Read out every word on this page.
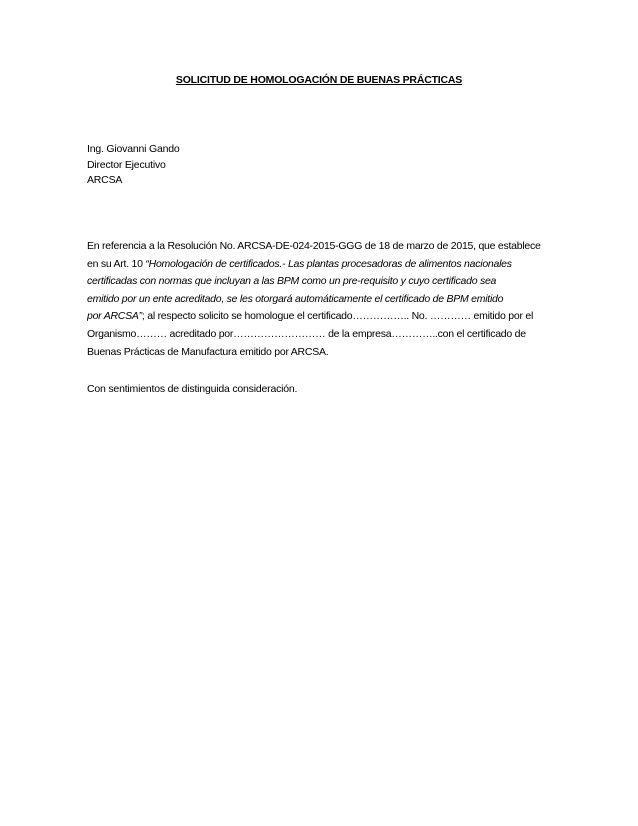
SOLICITUD DE HOMOLOGACIÓN DE BUENAS PRÁCTICAS
Ing. Giovanni Gando
Director Ejecutivo
ARCSA
En referencia a la Resolución No. ARCSA-DE-024-2015-GGG de 18 de marzo de 2015, que establece
en su Art. 10 “Homologación de certificados.- Las plantas procesadoras de alimentos nacionales
certificadas con normas que incluyan a las BPM como un pre-requisito y cuyo certificado sea
emitido por un ente acreditado, se les otorgará automáticamente el certificado de BPM emitido
por ARCSA”; al respecto solicito se homologue el certificado…………….. No. ………… emitido por el
Organismo……… acreditado por……………………… de la empresa…………..con el certificado de
Buenas Prácticas de Manufactura emitido por ARCSA.
Con sentimientos de distinguida consideración.
